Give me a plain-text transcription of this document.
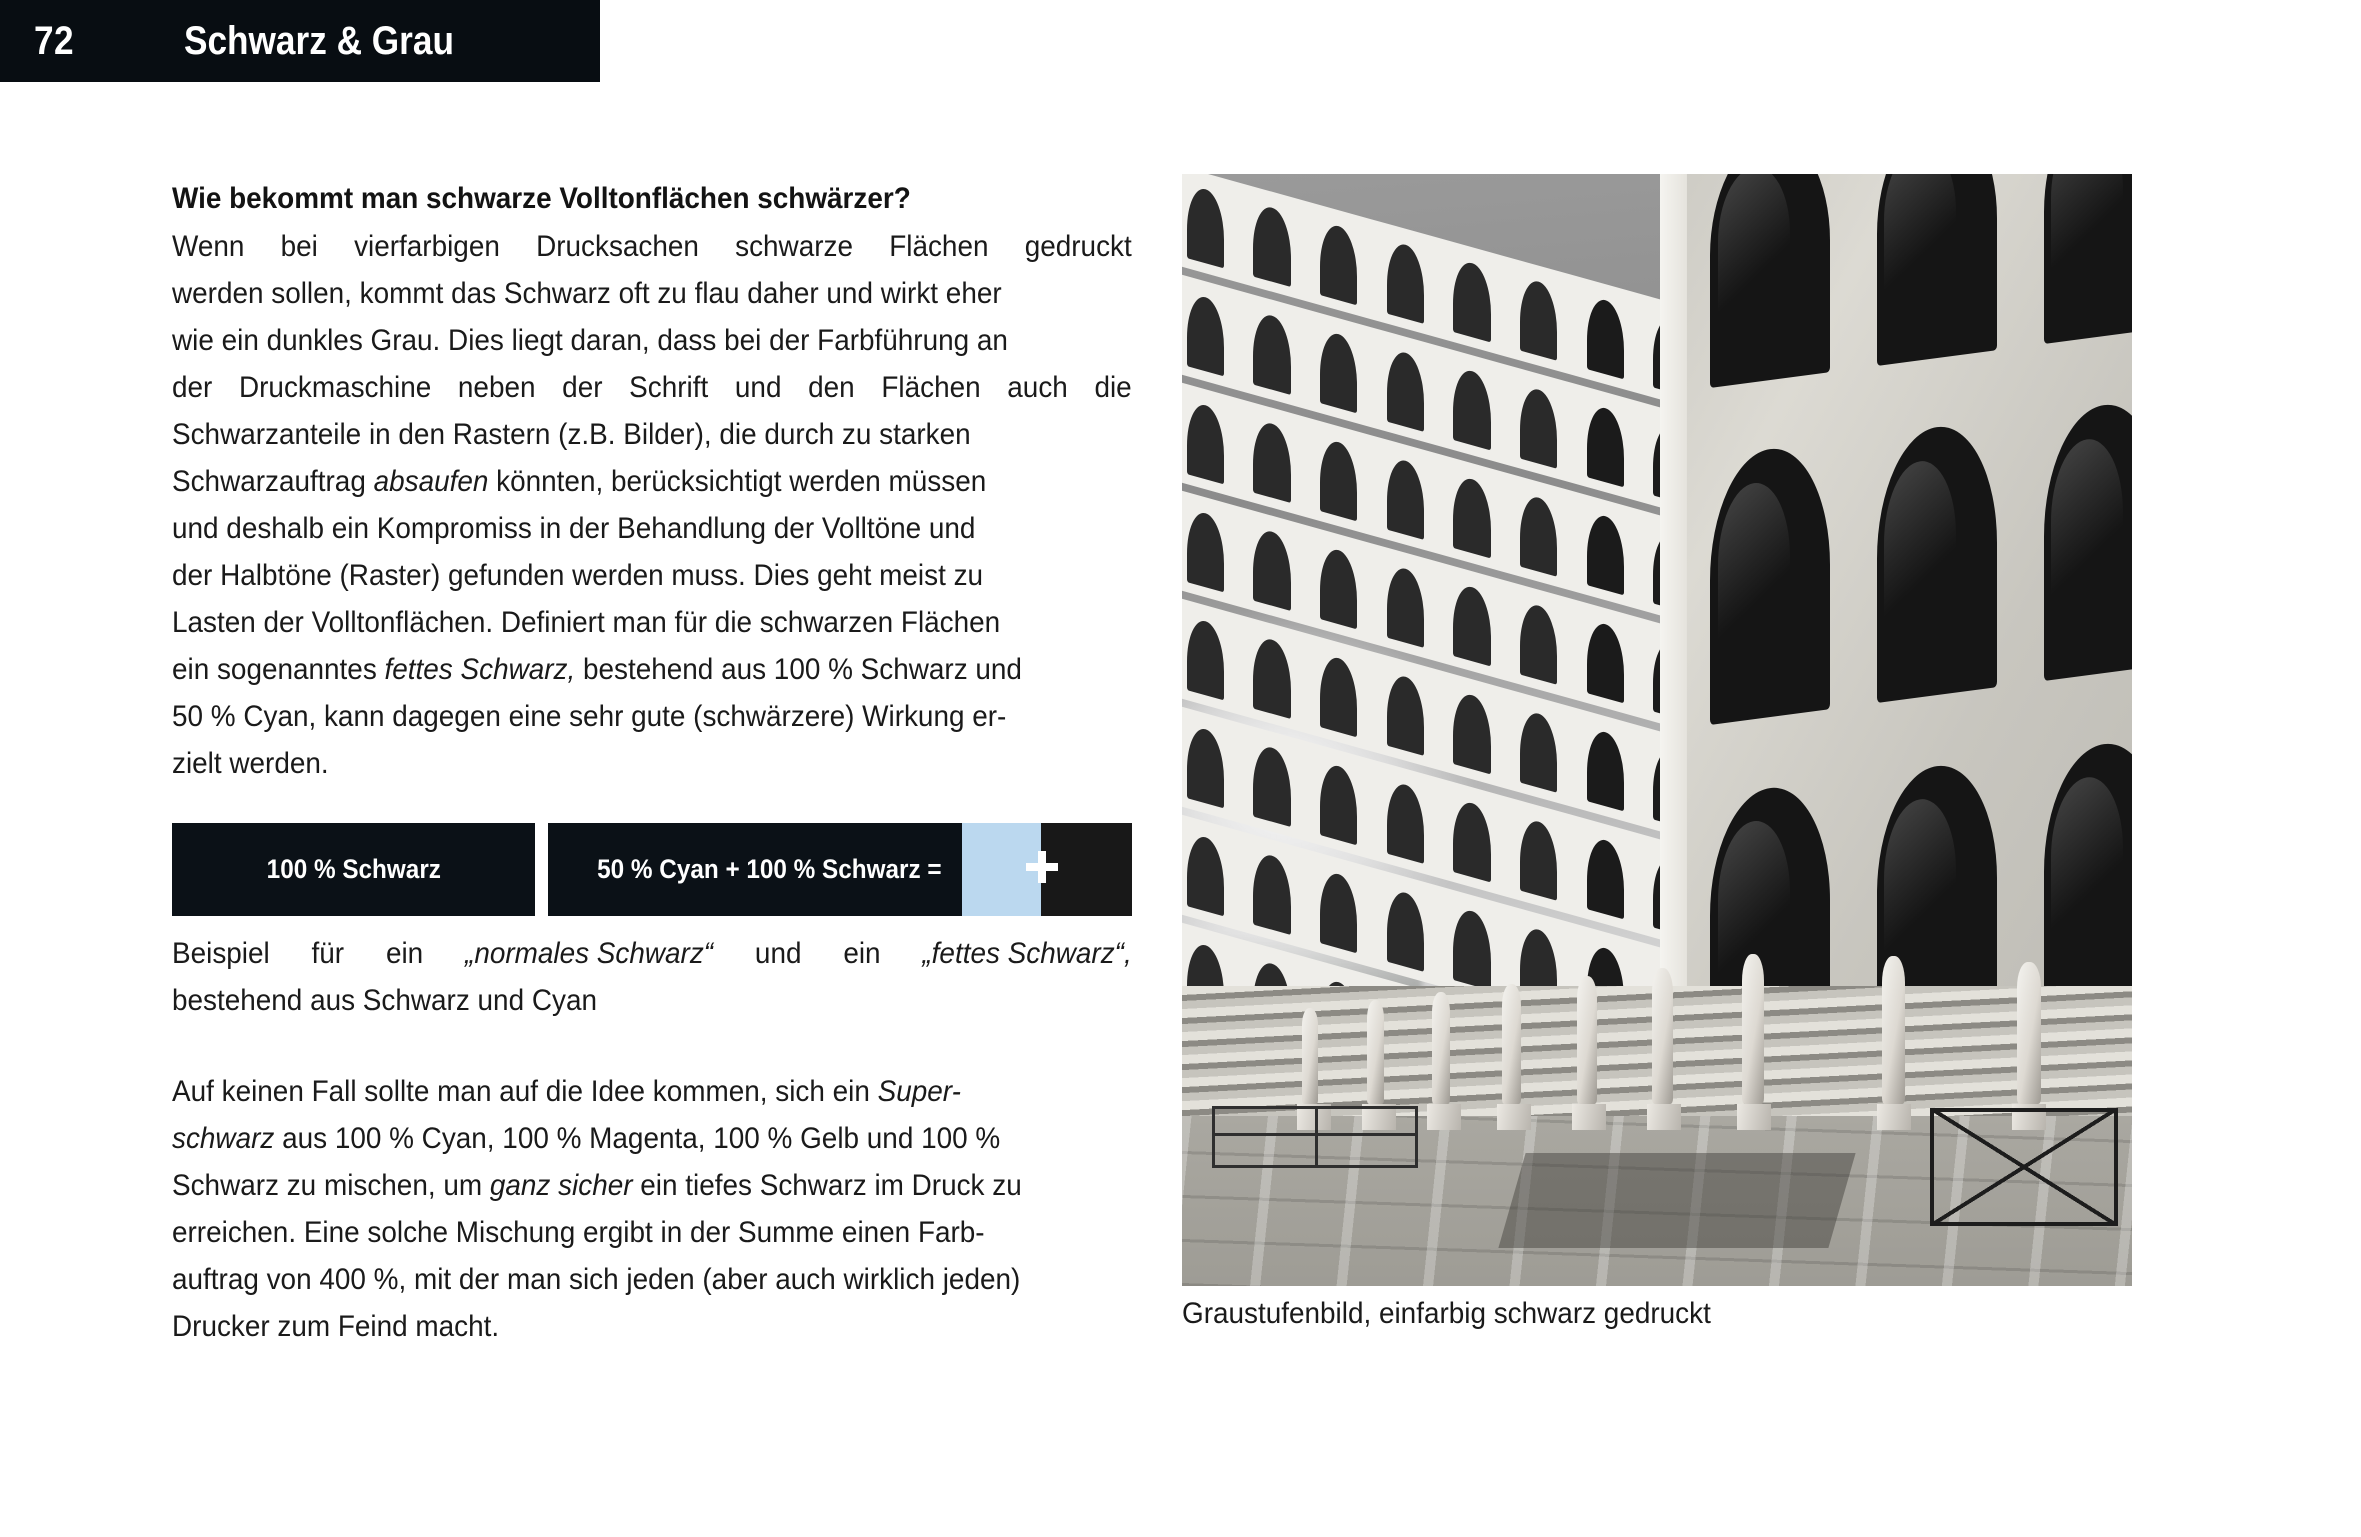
72	Schwarz & Grau
Wie bekommt man schwarze Volltonflächen schwärzer?
Wenn bei vierfarbigen Drucksachen schwarze Flächen gedruckt
werden sollen, kommt das Schwarz oft zu flau daher und wirkt eher
wie ein dunkles Grau. Dies liegt daran, dass bei der Farbführung an
der Druckmaschine neben der Schrift und den Flächen auch die
Schwarzanteile in den Rastern (z.B. Bilder), die durch zu starken
Schwarzauftrag absaufen könnten, berücksichtigt werden müssen
und deshalb ein Kompromiss in der Behandlung der Volltöne und
der Halbtöne (Raster) gefunden werden muss. Dies geht meist zu
Lasten der Volltonflächen. Definiert man für die schwarzen Flächen
ein sogenanntes fettes Schwarz, bestehend aus 100 % Schwarz und
50 % Cyan, kann dagegen eine sehr gute (schwärzere) Wirkung er-
zielt werden.
100 % Schwarz	50 % Cyan + 100 % Schwarz =
Beispiel für ein „normales Schwarz“ und ein „fettes Schwarz“,
bestehend aus Schwarz und Cyan
Auf keinen Fall sollte man auf die Idee kommen, sich ein Super-
schwarz aus 100 % Cyan, 100 % Magenta, 100 % Gelb und 100 %
Schwarz zu mischen, um ganz sicher ein tiefes Schwarz im Druck zu
erreichen. Eine solche Mischung ergibt in der Summe einen Farb-
auftrag von 400 %, mit der man sich jeden (aber auch wirklich jeden)
Drucker zum Feind macht.	Graustufenbild, einfarbig schwarz gedruckt
